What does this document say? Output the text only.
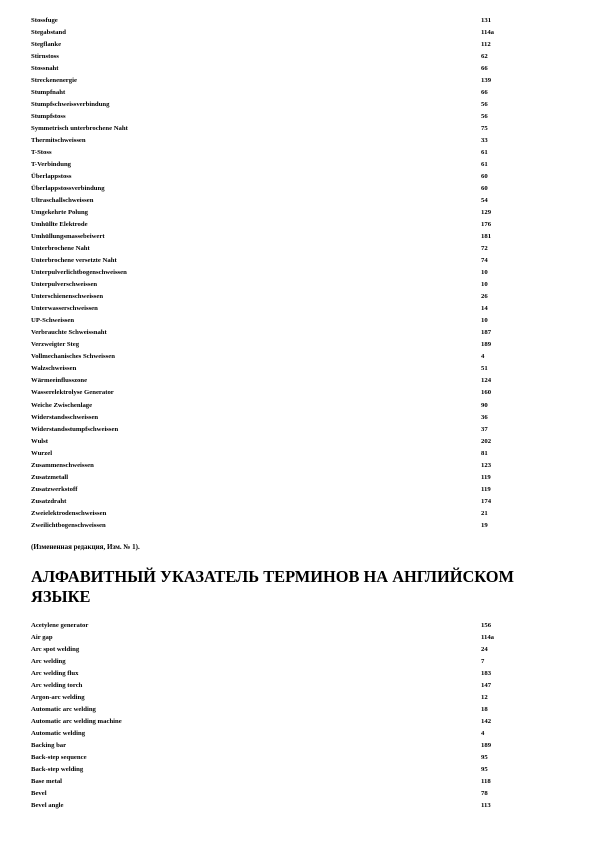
Stossfuge	131
Stegabstand	114a
Stegflanke	112
Stirnstoss	62
Stossnaht	66
Streckenenergie	139
Stumpfnaht	66
Stumpfschweissverbindung	56
Stumpfstoss	56
Symmetrisch unterbrochene Naht	75
Thermitschweissen	33
T-Stoss	61
T-Verbindung	61
Überlappstoss	60
Überlappstossverbindung	60
Ultraschallschweissen	54
Umgekehrte Polung	129
Umhüllte Elektrode	176
Umhüllungsmassebeiwert	181
Unterbrochene Naht	72
Unterbrochene versetzte Naht	74
Unterpulverlichtbogenschweissen	10
Unterpulverschweissen	10
Unterschienenschweissen	26
Unterwasserschweissen	14
UP-Schweissen	10
Verbrauchte Schweissnaht	187
Verzweigter Steg	189
Vollmechanisches Schweissen	4
Walzschweissen	51
Wärmeeinflusszone	124
Wasserelektrolyse Generator	160
Weiche Zwischenlage	90
Widerstandsschweissen	36
Widerstandsstumpfschweissen	37
Wulst	202
Wurzel	81
Zusammenschweissen	123
Zusatzmetall	119
Zusatzwerkstoff	119
Zusatzdraht	174
Zweielektrodenschweissen	21
Zweilichtbogenschweissen	19
(Измененная редакция, Изм. № 1).
АЛФАВИТНЫЙ УКАЗАТЕЛЬ ТЕРМИНОВ НА АНГЛИЙСКОМ ЯЗЫКЕ
Acetylene generator	156
Air gap	114a
Arc spot welding	24
Arc welding	7
Arc welding flux	183
Arc welding torch	147
Argon-arc welding	12
Automatic arc welding	18
Automatic arc welding machine	142
Automatic welding	4
Backing bar	189
Back-step sequence	95
Back-step welding	95
Base metal	118
Bevel	78
Bevel angle	113
